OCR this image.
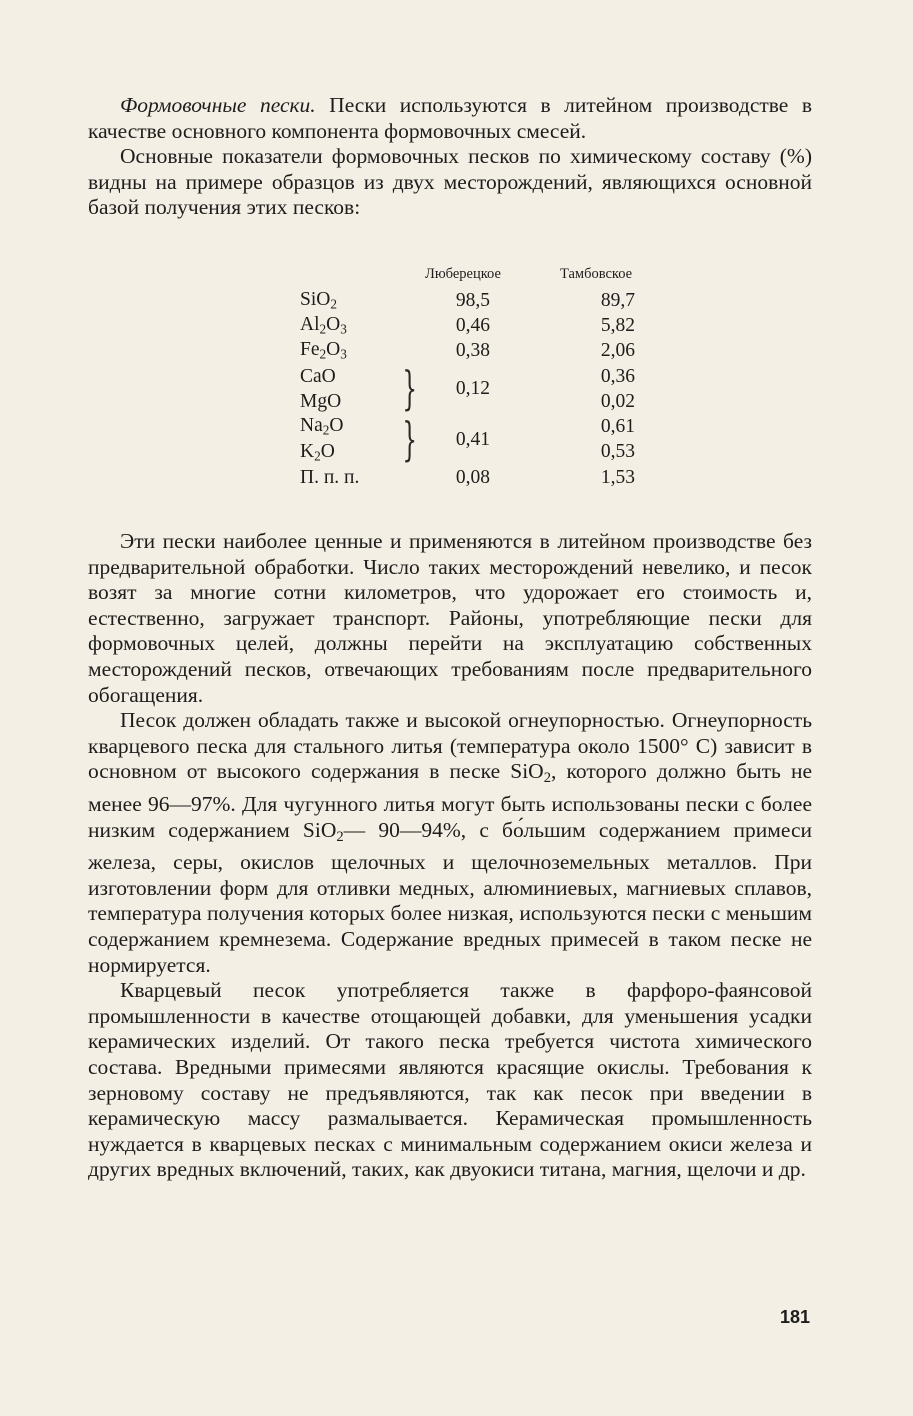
Формовочные пески. Пески используются в литейном производстве в качестве основного компонента формовочных смесей.

Основные показатели формовочных песков по химическому составу (%) видны на примере образцов из двух месторождений, являющихся основной базой получения этих песков:

		Люберецкое		Тамбовское
SiO$_2$		98,5		89,7
$Al_2O_3$		0,46		5,82
$Fe_2O_3$		0,38		2,06
CaO	}	0,12		0,36
MgO				0,02
$Na_2O$	}	0,41		0,61
$K_2O$				0,53
П. п. п.		0,08		1,53

Эти пески наиболее ценные и применяются в литейном производстве без предварительной обработки. Число таких месторождений невелико, и песок возят за многие сотни километров, что удорожает его стоимость и, естественно, загружает транспорт. Районы, употребляющие пески для формовочных целей, должны перейти на эксплуатацию собственных месторождений песков, отвечающих требованиям после предварительного обогащения.

Песок должен обладать также и высокой огнеупорностью. Огнеупорность кварцевого песка для стального литья (температура около 1500° С) зависит в основном от высокого содержания в песке SiO$_2$, которого должно быть не менее 96—97%. Для чугунного литья могут быть использованы пески с более низким содержанием SiO$_2$— 90—94%, с бо́льшим содержанием примеси железа, серы, окислов щелочных и щелочноземельных металлов. При изготовлении форм для отливки медных, алюминиевых, магниевых сплавов, температура получения которых более низкая, используются пески с меньшим содержанием кремнезема. Содержание вредных примесей в таком песке не нормируется.

Кварцевый песок употребляется также в фарфоро-фаянсовой промышленности в качестве отощающей добавки, для уменьшения усадки керамических изделий. От такого песка требуется чистота химического состава. Вредными примесями являются красящие окислы. Требования к зерновому составу не предъявляются, так как песок при введении в керамическую массу размалывается. Керамическая промышленность нуждается в кварцевых песках с минимальным содержанием окиси железа и других вредных включений, таких, как двуокиси титана, магния, щелочи и др.

181
